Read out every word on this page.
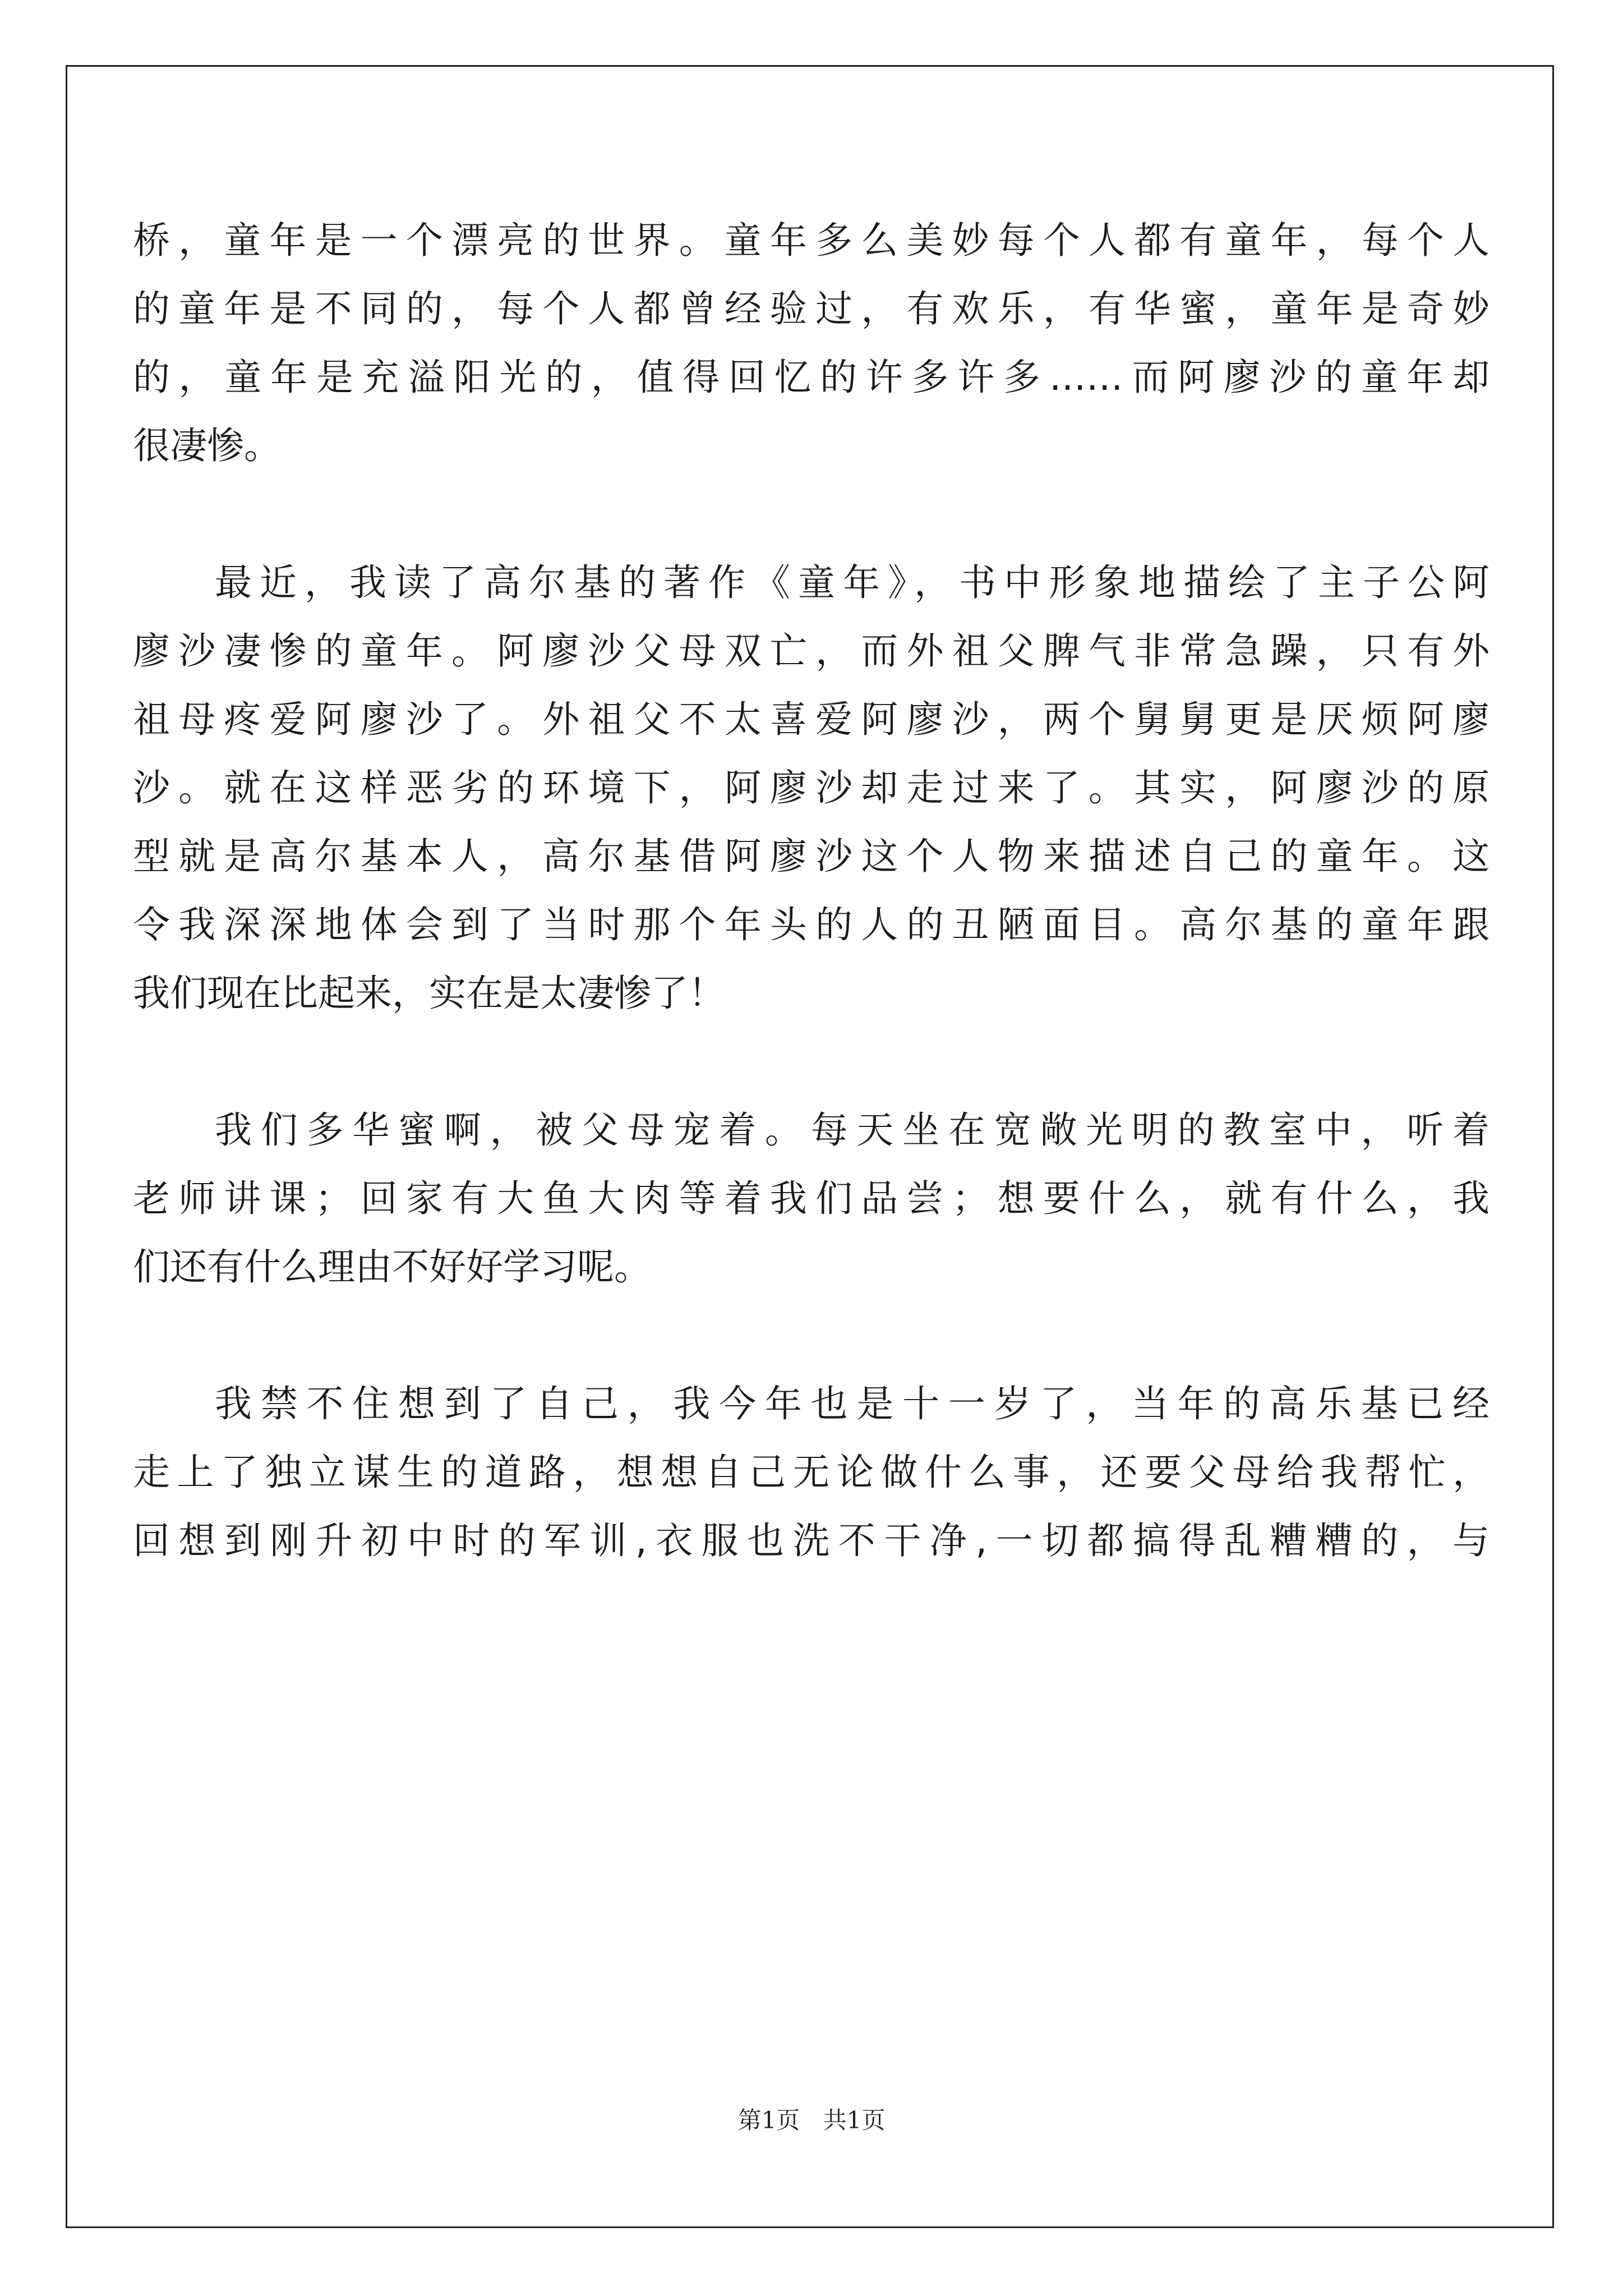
桥，童年是一个漂亮的世界。童年多么美妙每个人都有童年，每个人
的童年是不同的，每个人都曾经验过，有欢乐，有华蜜，童年是奇妙
的，童年是充溢阳光的，值得回忆的许多许多……而阿廖沙的童年却
很凄惨。
最近，我读了高尔基的著作《童年》，书中形象地描绘了主子公阿
廖沙凄惨的童年。阿廖沙父母双亡，而外祖父脾气非常急躁，只有外
祖母疼爱阿廖沙了。外祖父不太喜爱阿廖沙，两个舅舅更是厌烦阿廖
沙。就在这样恶劣的环境下，阿廖沙却走过来了。其实，阿廖沙的原
型就是高尔基本人，高尔基借阿廖沙这个人物来描述自己的童年。这
令我深深地体会到了当时那个年头的人的丑陋面目。高尔基的童年跟
我们现在比起来，实在是太凄惨了！
我们多华蜜啊，被父母宠着。每天坐在宽敞光明的教室中，听着
老师讲课；回家有大鱼大肉等着我们品尝；想要什么，就有什么，我
们还有什么理由不好好学习呢。
我禁不住想到了自己，我今年也是十一岁了，当年的高乐基已经
走上了独立谋生的道路，想想自己无论做什么事，还要父母给我帮忙，
回想到刚升初中时的军训,衣服也洗不干净,一切都搞得乱糟糟的，与
第1页 共1页
